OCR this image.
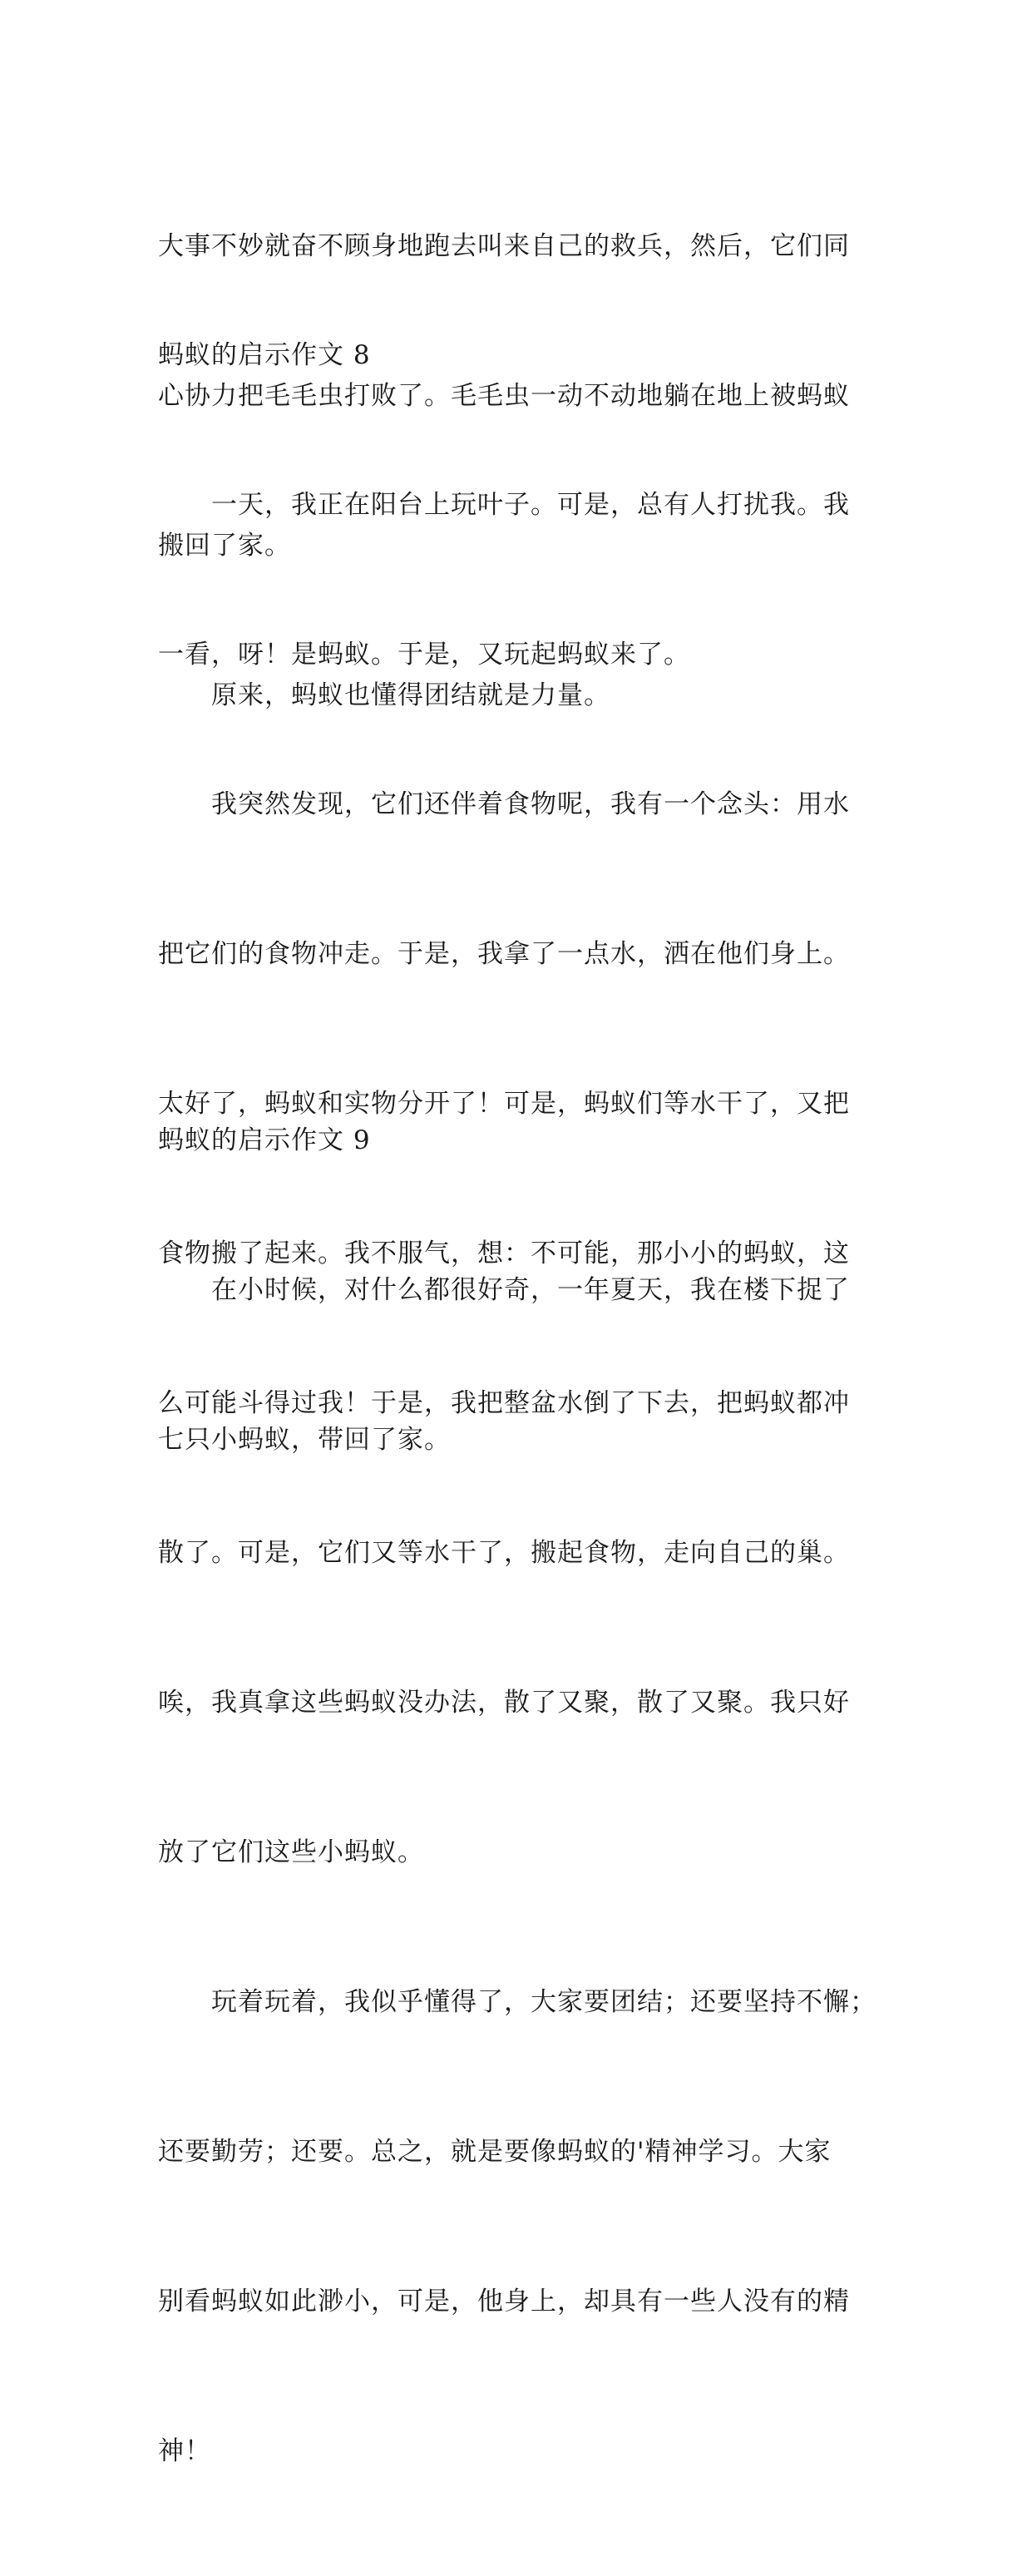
大事不妙就奋不顾身地跑去叫来自己的救兵，然后，它们同

心协力把毛毛虫打败了。毛毛虫一动不动地躺在地上被蚂蚁

搬回了家。

原来，蚂蚁也懂得团结就是力量。

蚂蚁的启示作文 8

一天，我正在阳台上玩叶子。可是，总有人打扰我。我

一看，呀！是蚂蚁。于是，又玩起蚂蚁来了。

我突然发现，它们还伴着食物呢，我有一个念头：用水

把它们的食物冲走。于是，我拿了一点水，洒在他们身上。

太好了，蚂蚁和实物分开了！可是，蚂蚁们等水干了，又把

食物搬了起来。我不服气，想：不可能，那小小的蚂蚁，这

么可能斗得过我！于是，我把整盆水倒了下去，把蚂蚁都冲

散了。可是，它们又等水干了，搬起食物，走向自己的巢。

唉，我真拿这些蚂蚁没办法，散了又聚，散了又聚。我只好

放了它们这些小蚂蚁。

玩着玩着，我似乎懂得了，大家要团结；还要坚持不懈；

还要勤劳；还要。总之，就是要像蚂蚁的'精神学习。大家

别看蚂蚁如此渺小，可是，他身上，却具有一些人没有的精

神！

蚂蚁的启示作文 9

在小时候，对什么都很好奇，一年夏天，我在楼下捉了

七只小蚂蚁，带回了家。
